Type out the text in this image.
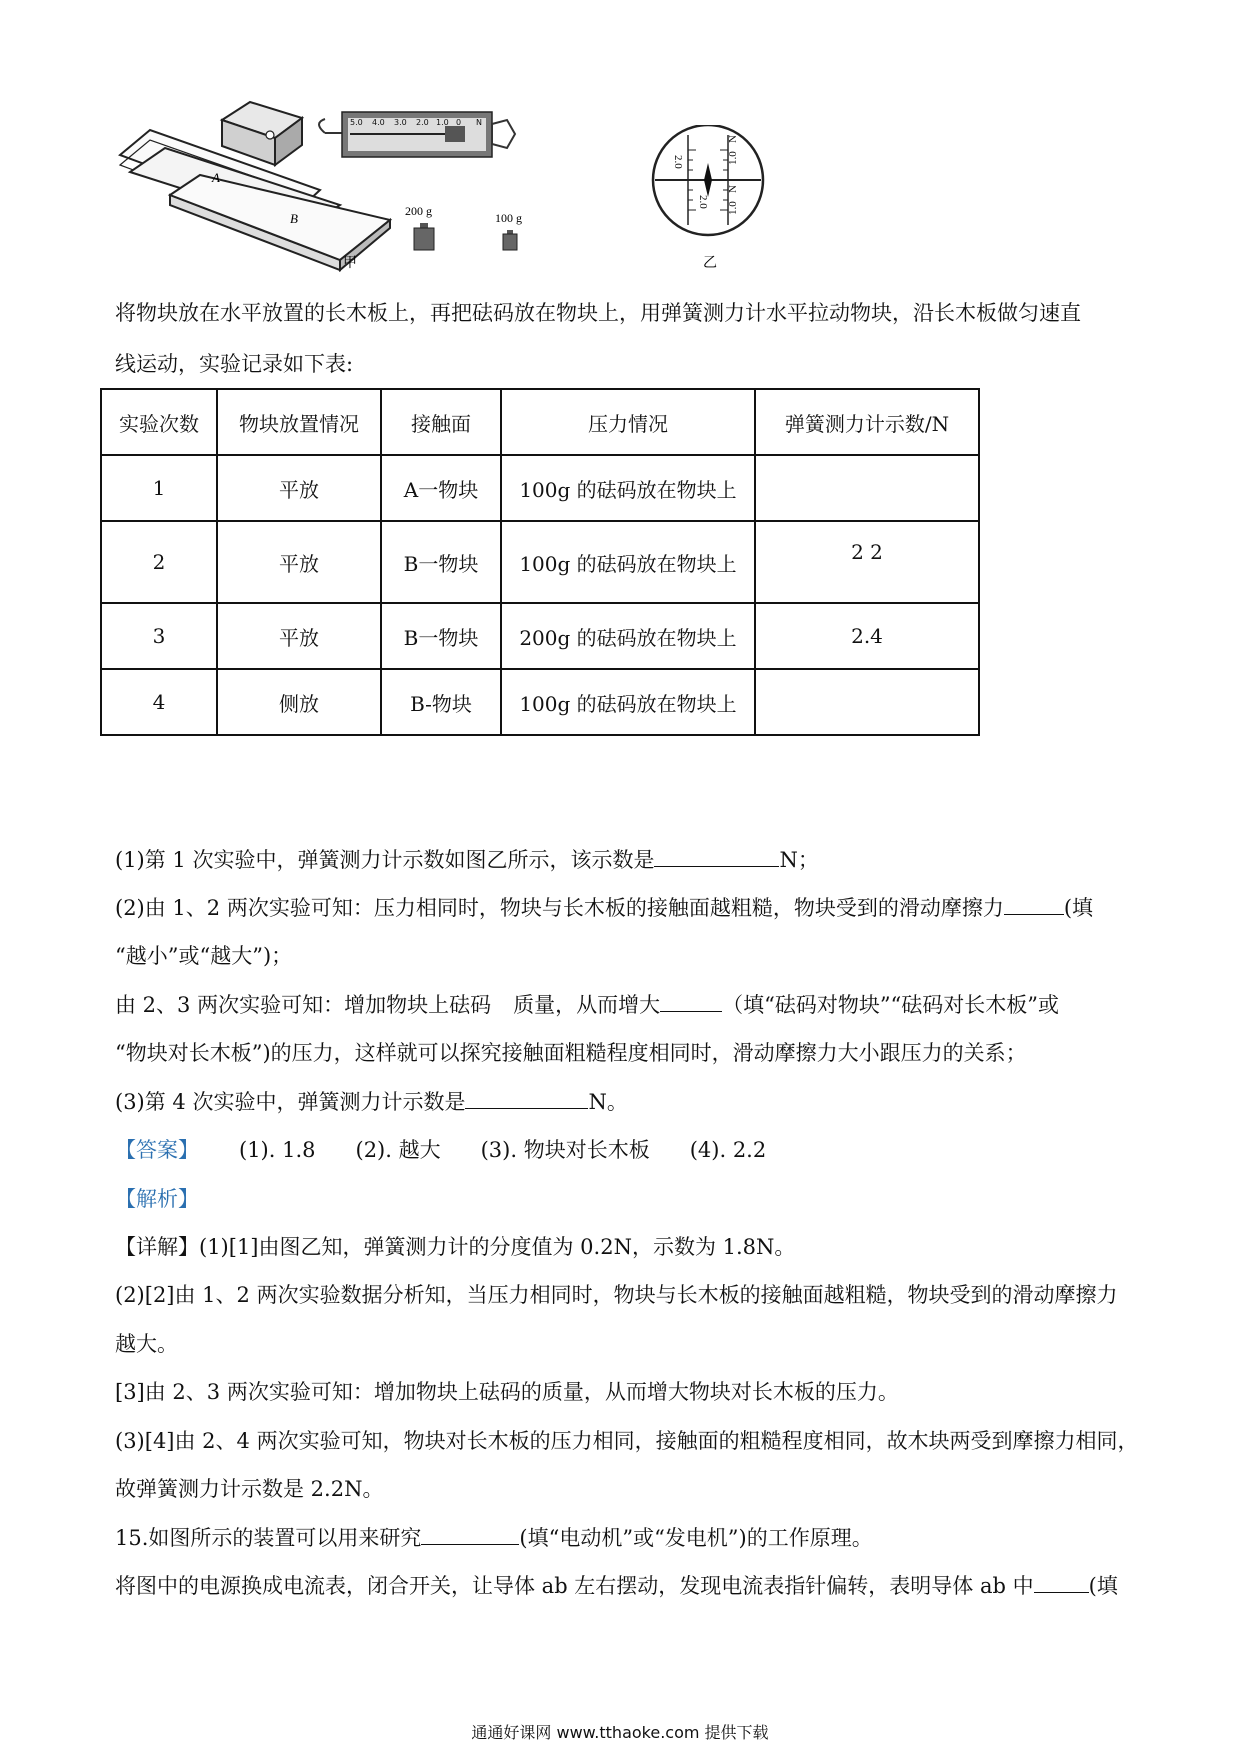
A
B
5.0 4.0 3.0 2.0 1.0 0 N
200 g	100 g
甲
2.0
2.0
1.0
1.0
N
N
乙
将物块放在水平放置的长木板上，再把砝码放在物块上，用弹簧测力计水平拉动物块，沿长木板做匀速直
线运动，实验记录如下表:
实验次数	物块放置情况	接触面	压力情况	弹簧测力计示数/N
1	平放	A一物块	100g 的砝码放在物块上	
2	平放	B一物块	100g 的砝码放在物块上	2 2
3	平放	B一物块	200g 的砝码放在物块上	2.4
4	侧放	B-物块	100g 的砝码放在物块上	
(1)第 1 次实验中，弹簧测力计示数如图乙所示，该示数是	N；
(2)由 1、2 两次实验可知：压力相同时，物块与长木板的接触面越粗糙，物块受到的滑动摩擦力	(填
“越小”或“越大”)；
由 2、3 两次实验可知：增加物块上砝码 质量，从而增大	（填“砝码对物块”“砝码对长木板”或
“物块对长木板”)的压力，这样就可以探究接触面粗糙程度相同时，滑动摩擦力大小跟压力的关系；
(3)第 4 次实验中，弹簧测力计示数是	N。
【答案】 (1). 1.8 (2). 越大 (3). 物块对长木板 (4). 2.2
【解析】
【详解】(1)[1]由图乙知，弹簧测力计的分度值为 0.2N，示数为 1.8N。
(2)[2]由 1、2 两次实验数据分析知，当压力相同时，物块与长木板的接触面越粗糙，物块受到的滑动摩擦力
越大。
[3]由 2、3 两次实验可知：增加物块上砝码的质量，从而增大物块对长木板的压力。
(3)[4]由 2、4 两次实验可知，物块对长木板的压力相同，接触面的粗糙程度相同，故木块两受到摩擦力相同，
故弹簧测力计示数是 2.2N。
15.如图所示的装置可以用来研究	(填“电动机”或“发电机”)的工作原理。
将图中的电源换成电流表，闭合开关，让导体 ab 左右摆动，发现电流表指针偏转，表明导体 ab 中	(填
通通好课网 www.tthaoke.com 提供下载
